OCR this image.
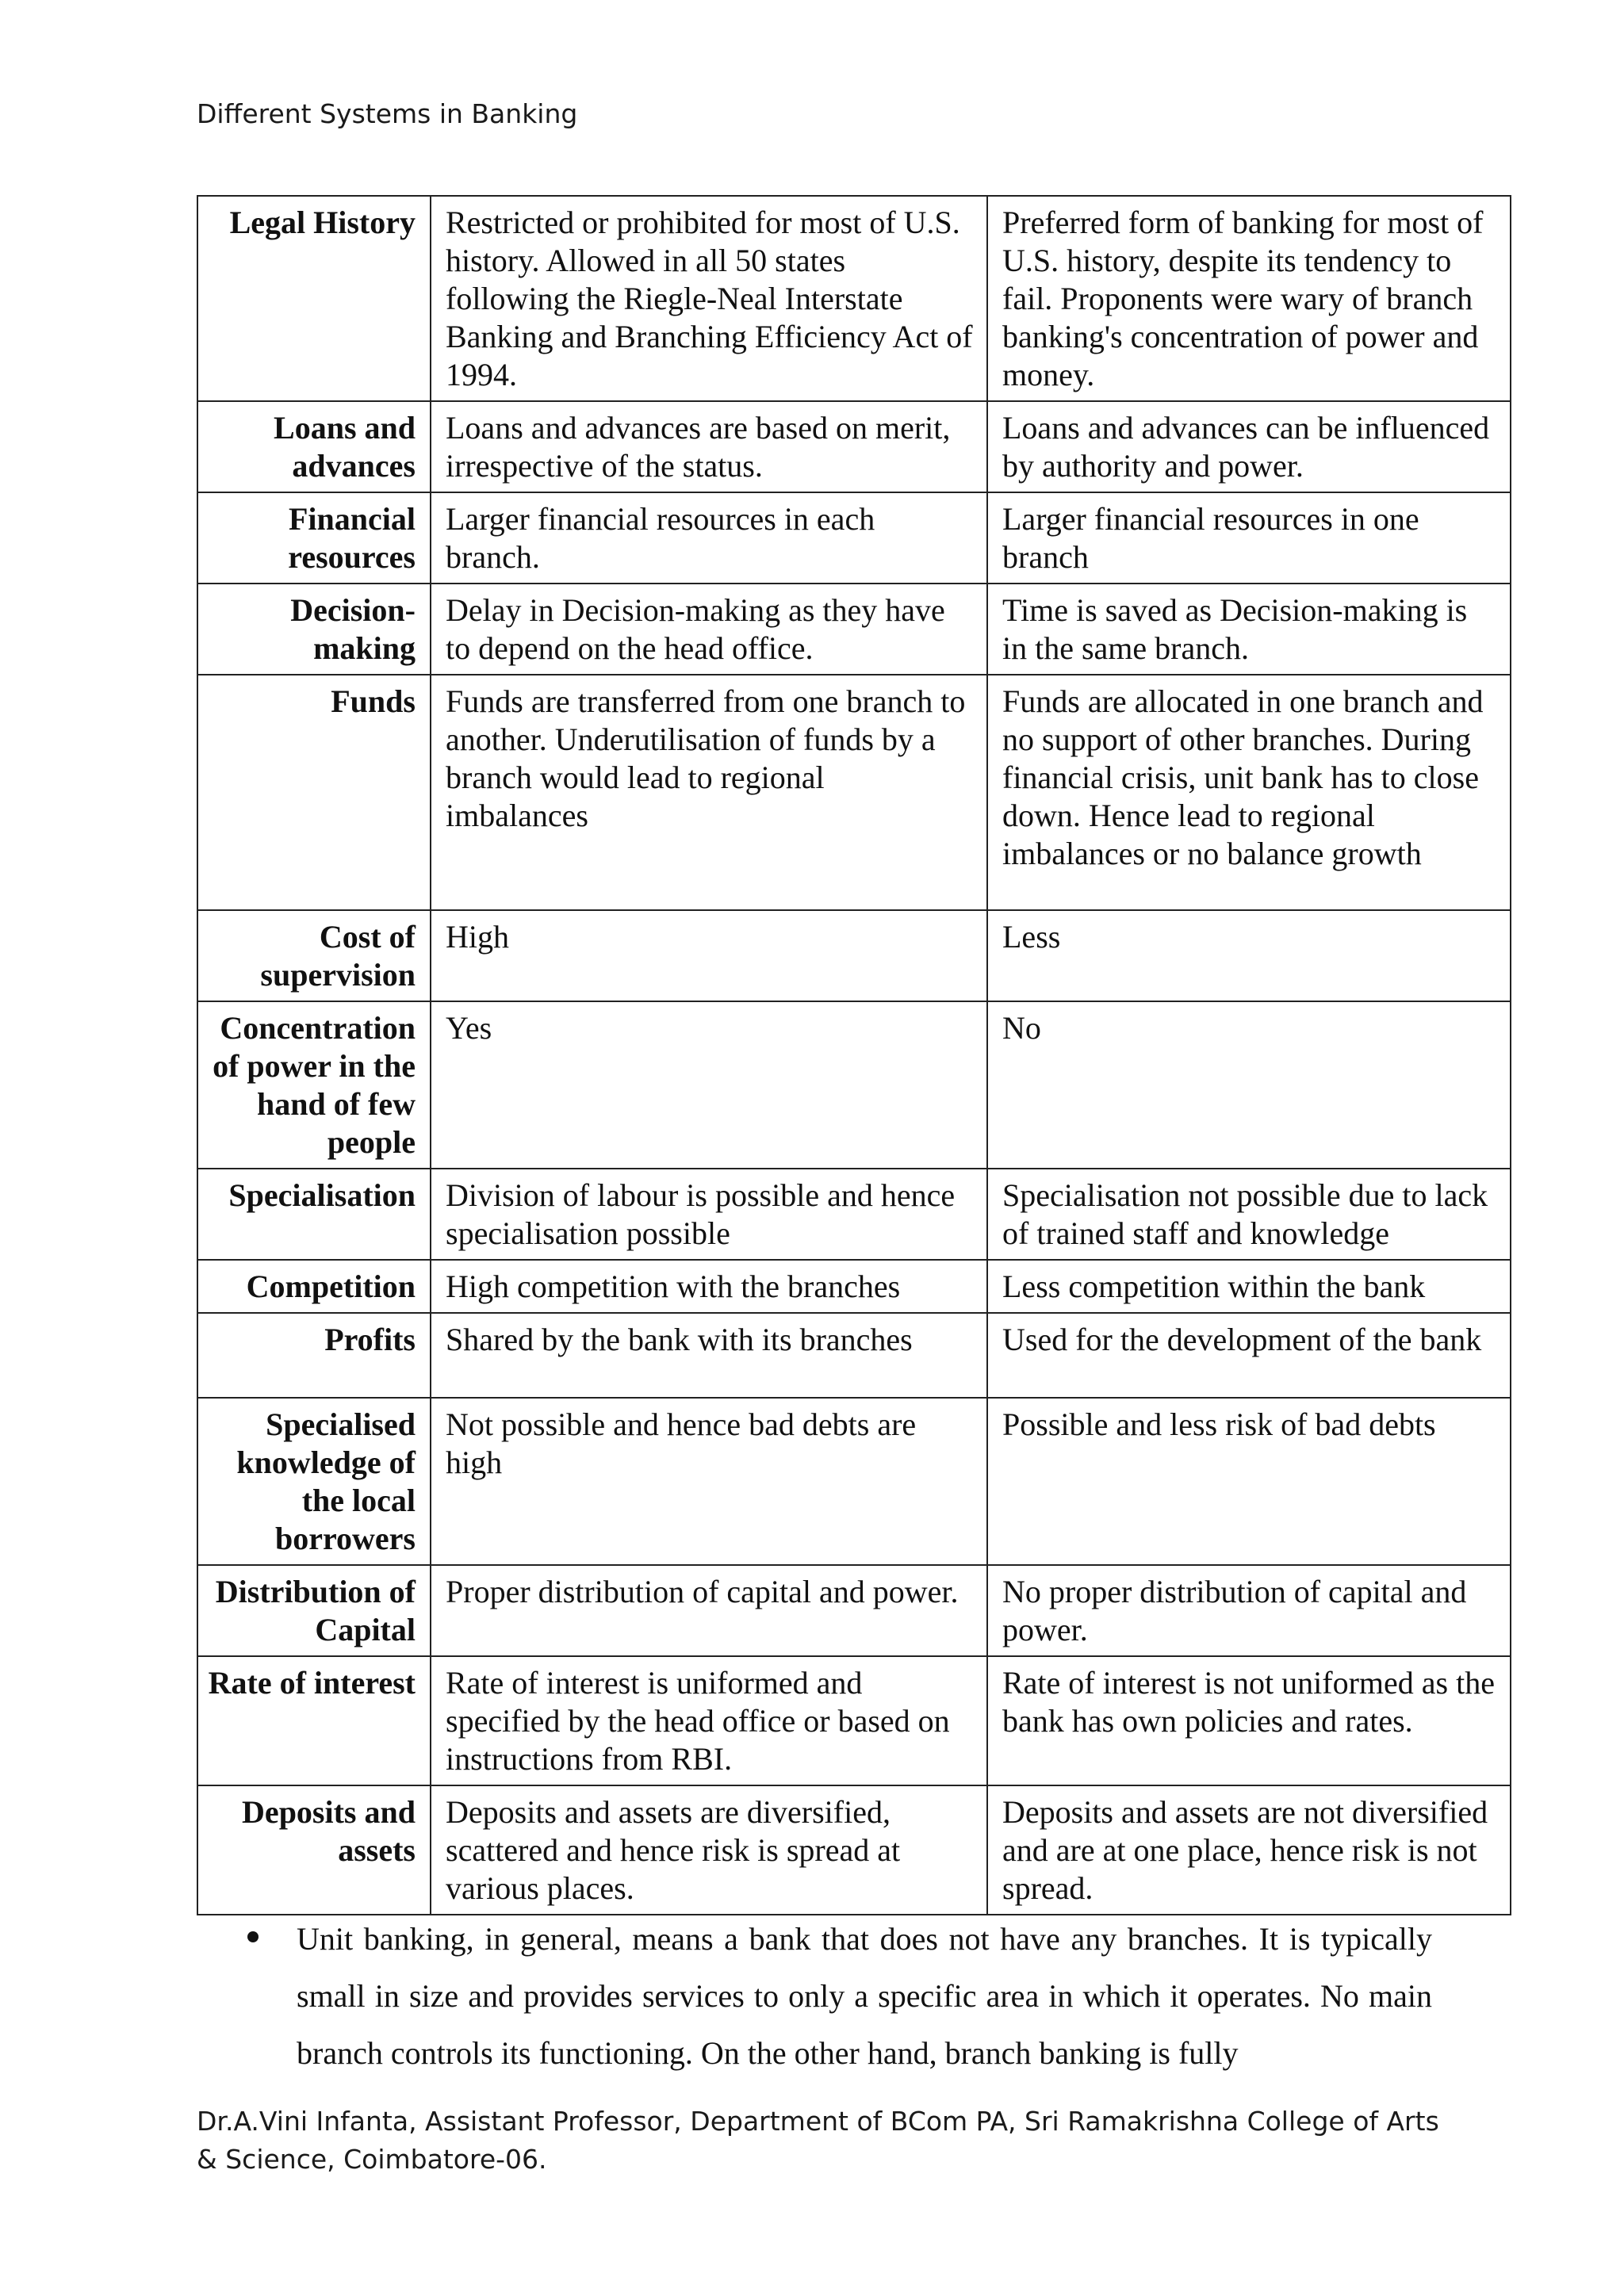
Different Systems in Banking
Legal History	Restricted or prohibited for most of U.S. history. Allowed in all 50 states following the Riegle-Neal Interstate Banking and Branching Efficiency Act of 1994.	Preferred form of banking for most of U.S. history, despite its tendency to fail. Proponents were wary of branch banking's concentration of power and money.
Loans and advances	Loans and advances are based on merit, irrespective of the status.	Loans and advances can be influenced by authority and power.
Financial resources	Larger financial resources in each branch.	Larger financial resources in one branch
Decision-making	Delay in Decision-making as they have to depend on the head office.	Time is saved as Decision-making is in the same branch.
Funds	Funds are transferred from one branch to another. Underutilisation of funds by a branch would lead to regional imbalances	Funds are allocated in one branch and no support of other branches. During financial crisis, unit bank has to close down. Hence lead to regional imbalances or no balance growth
Cost of supervision	High	Less
Concentration of power in the hand of few people	Yes	No
Specialisation	Division of labour is possible and hence specialisation possible	Specialisation not possible due to lack of trained staff and knowledge
Competition	High competition with the branches	Less competition within the bank
Profits	Shared by the bank with its branches	Used for the development of the bank
Specialised knowledge of the local borrowers	Not possible and hence bad debts are high	Possible and less risk of bad debts
Distribution of Capital	Proper distribution of capital and power.	No proper distribution of capital and power.
Rate of interest	Rate of interest is uniformed and specified by the head office or based on instructions from RBI.	Rate of interest is not uniformed as the bank has own policies and rates.
Deposits and assets	Deposits and assets are diversified, scattered and hence risk is spread at various places.	Deposits and assets are not diversified and are at one place, hence risk is not spread.
Unit banking, in general, means a bank that does not have any branches. It is typically small in size and provides services to only a specific area in which it operates. No main branch controls its functioning. On the other hand, branch banking is fully
Dr.A.Vini Infanta, Assistant Professor, Department of BCom PA, Sri Ramakrishna College of Arts & Science, Coimbatore-06.
